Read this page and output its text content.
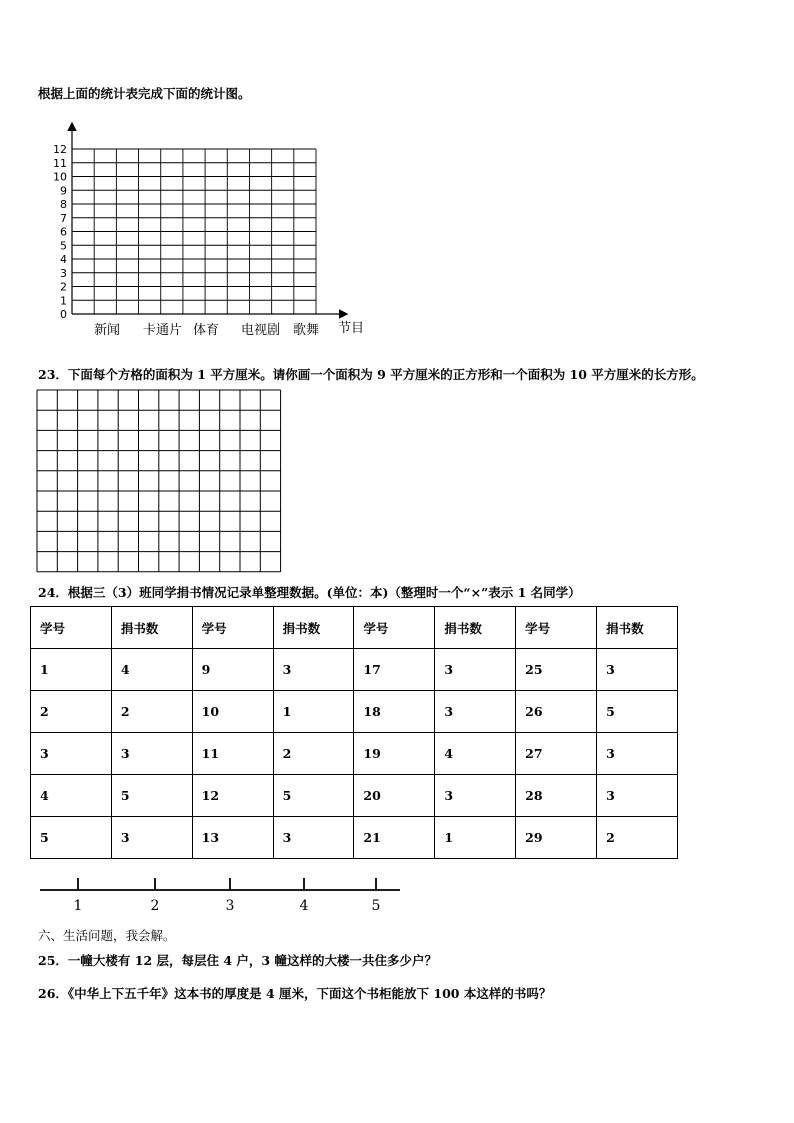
根据上面的统计表完成下面的统计图。
0
1
2
3
4
5
6
7
8
9
10
11
12
新闻 卡通片 体育 电视剧 歌舞 节目
23．下面每个方格的面积为 1 平方厘米。请你画一个面积为 9 平方厘米的正方形和一个面积为 10 平方厘米的长方形。
24．根据三（3）班同学捐书情况记录单整理数据。(单位：本)（整理时一个“×”表示 1 名同学）
学号	捐书数	学号	捐书数	学号	捐书数	学号	捐书数
1	4	9	3	17	3	25	3
2	2	10	1	18	3	26	5
3	3	11	2	19	4	27	3
4	5	12	5	20	3	28	3
5	3	13	3	21	1	29	2
1	2	3	4	5
六、生活问题，我会解。
25．一幢大楼有 12 层，每层住 4 户，3 幢这样的大楼一共住多少户？
26．《中华上下五千年》这本书的厚度是 4 厘米，下面这个书柜能放下 100 本这样的书吗？
